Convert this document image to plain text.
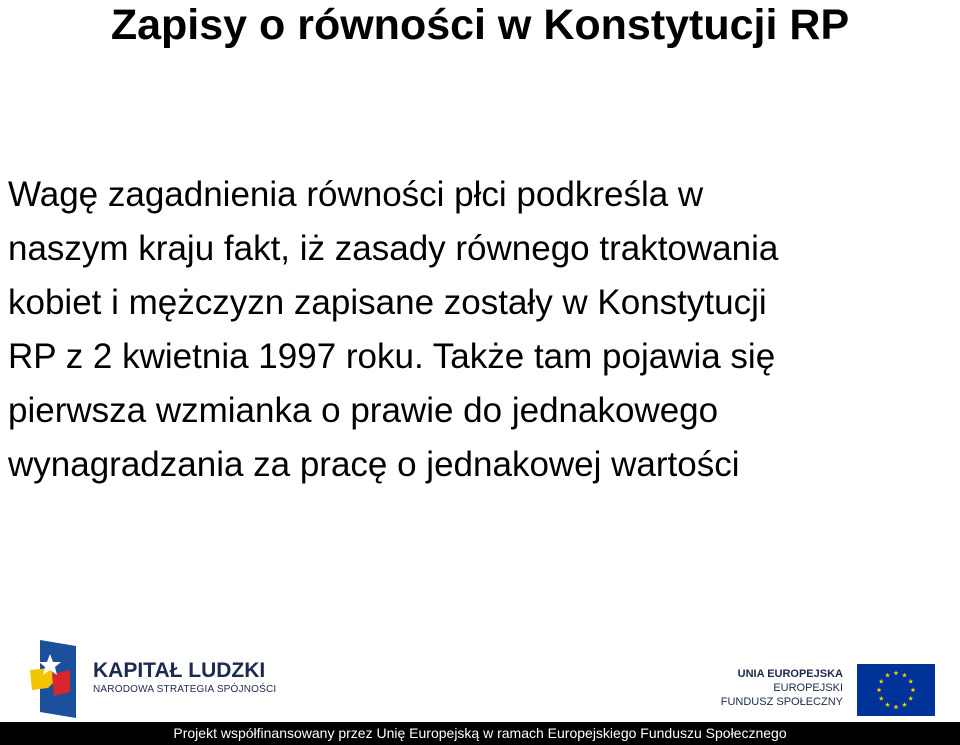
Zapisy o równości w Konstytucji RP
Wagę zagadnienia równości płci podkreśla w
naszym kraju fakt, iż zasady równego traktowania
kobiet i mężczyzn zapisane zostały w Konstytucji
RP z 2 kwietnia 1997 roku. Także tam pojawia się
pierwsza wzmianka o prawie do jednakowego
wynagradzania za pracę o jednakowej wartości
KAPITAŁ LUDZKI
NARODOWA STRATEGIA SPÓJNOŚCI
UNIA EUROPEJSKA
EUROPEJSKI
FUNDUSZ SPOŁECZNY
Projekt współfinansowany przez Unię Europejską w ramach Europejskiego Funduszu Społecznego
